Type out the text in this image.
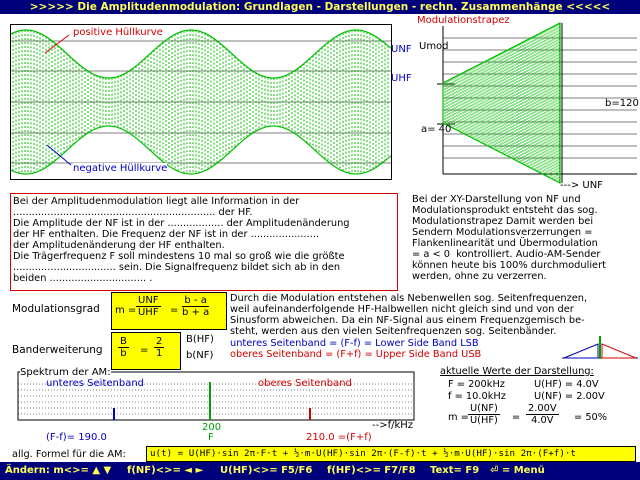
>>>>> Die Amplitudenmodulation: Grundlagen - Darstellungen - rechn. Zusammenhänge <<<<<
positive Hüllkurve
negative Hüllkurve
UNF
UHF
Modulationstrapez
Umod
a= 40
b=120
---> UNF
Bei der Amplitudenmodulation liegt alle Information in der
................................................................. der HF.
Die Amplitude der NF ist in der .................. der Amplitudenänderung
der HF enthalten. Die Frequenz der NF ist in der ......................
der Amplitudenänderung der HF enthalten.
Die Trägerfrequenz F soll mindestens 10 mal so groß wie die größte
................................. sein. Die Signalfrequenz bildet sich ab in den
beiden ............................... .
Bei der XY-Darstellung von NF und
Modulationsprodukt entsteht das sog.
Modulationstrapez Damit werden bei
Sendern Modulationsverzerrungen =
Flankenlinearität und Übermodulation
= a < 0  kontrolliert. Audio-AM-Sender
können heute bis 100% durchmoduliert
werden, ohne zu verzerren.
Modulationsgrad m =
UNF
UHF = $\frac{b - a}{b + a}$
Banderweiterung $\frac{B}{b} = \frac{2}{1} B(HF)$
b(NF)
Durch die Modulation entstehen als Nebenwellen sog. Seitenfrequenzen,
weil aufeinanderfolgende HF-Halbwellen nicht gleich sind und von der
Sinusform abweichen. Da ein NF-Signal aus einem Frequenzgemisch be-
steht, werden aus den vielen Seitenfrequenzen sog. Seitenbänder.
unteres Seitenband = (F-f) = Lower Side Band LSB
oberes Seitenband = (F+f) = Upper Side Band USB
Spektrum der AM:
unteres Seitenband	oberes Seitenband
-->f/kHz
(F-f)= 190.0
200
F	210.0 =(F+f)
aktuelle Werte der Darstellung:
F = 200kHz	U(HF) = 4.0V
f = 10.0kHz	U(NF) = 2.00V
$m = \frac{U(NF)}{U(HF)} = \frac{2.00V}{4.0V} = 50\%$
allg. Formel für die AM:	u(t) = U(HF)·sin 2π·F·t + ½·m·U(HF)·sin 2π·(F-f)·t + ½·m·U(HF)·sin 2π·(F+f)·t
Ändern: m<>= ▲ ▼ f(NF)<>= ◄ ► U(HF)<>= F5/F6 f(HF)<>= F7/F8 Text= F9 ⏎ = Menü
